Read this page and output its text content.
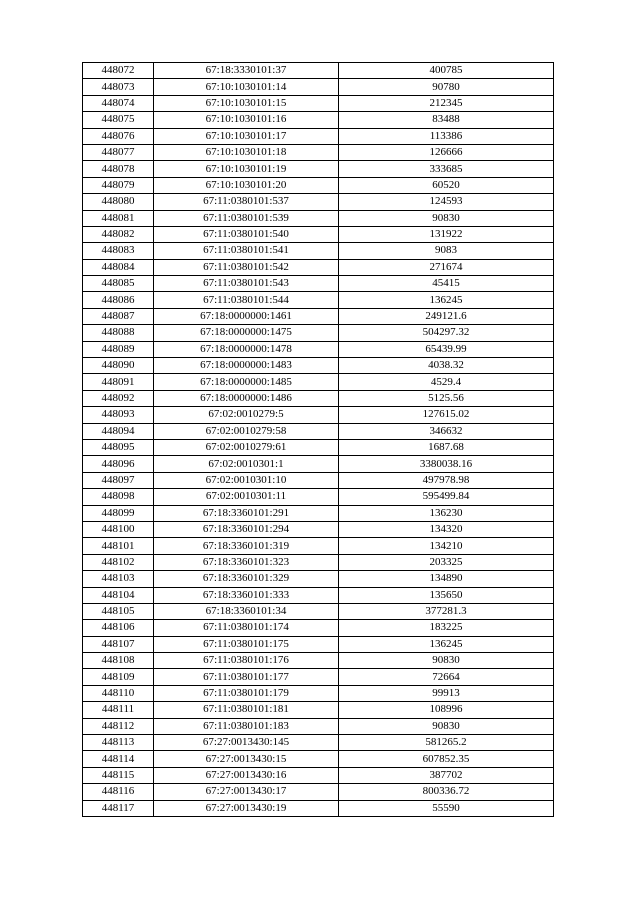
448072	67:18:3330101:37	400785
448073	67:10:1030101:14	90780
448074	67:10:1030101:15	212345
448075	67:10:1030101:16	83488
448076	67:10:1030101:17	113386
448077	67:10:1030101:18	126666
448078	67:10:1030101:19	333685
448079	67:10:1030101:20	60520
448080	67:11:0380101:537	124593
448081	67:11:0380101:539	90830
448082	67:11:0380101:540	131922
448083	67:11:0380101:541	9083
448084	67:11:0380101:542	271674
448085	67:11:0380101:543	45415
448086	67:11:0380101:544	136245
448087	67:18:0000000:1461	249121.6
448088	67:18:0000000:1475	504297.32
448089	67:18:0000000:1478	65439.99
448090	67:18:0000000:1483	4038.32
448091	67:18:0000000:1485	4529.4
448092	67:18:0000000:1486	5125.56
448093	67:02:0010279:5	127615.02
448094	67:02:0010279:58	346632
448095	67:02:0010279:61	1687.68
448096	67:02:0010301:1	3380038.16
448097	67:02:0010301:10	497978.98
448098	67:02:0010301:11	595499.84
448099	67:18:3360101:291	136230
448100	67:18:3360101:294	134320
448101	67:18:3360101:319	134210
448102	67:18:3360101:323	203325
448103	67:18:3360101:329	134890
448104	67:18:3360101:333	135650
448105	67:18:3360101:34	377281.3
448106	67:11:0380101:174	183225
448107	67:11:0380101:175	136245
448108	67:11:0380101:176	90830
448109	67:11:0380101:177	72664
448110	67:11:0380101:179	99913
448111	67:11:0380101:181	108996
448112	67:11:0380101:183	90830
448113	67:27:0013430:145	581265.2
448114	67:27:0013430:15	607852.35
448115	67:27:0013430:16	387702
448116	67:27:0013430:17	800336.72
448117	67:27:0013430:19	55590
